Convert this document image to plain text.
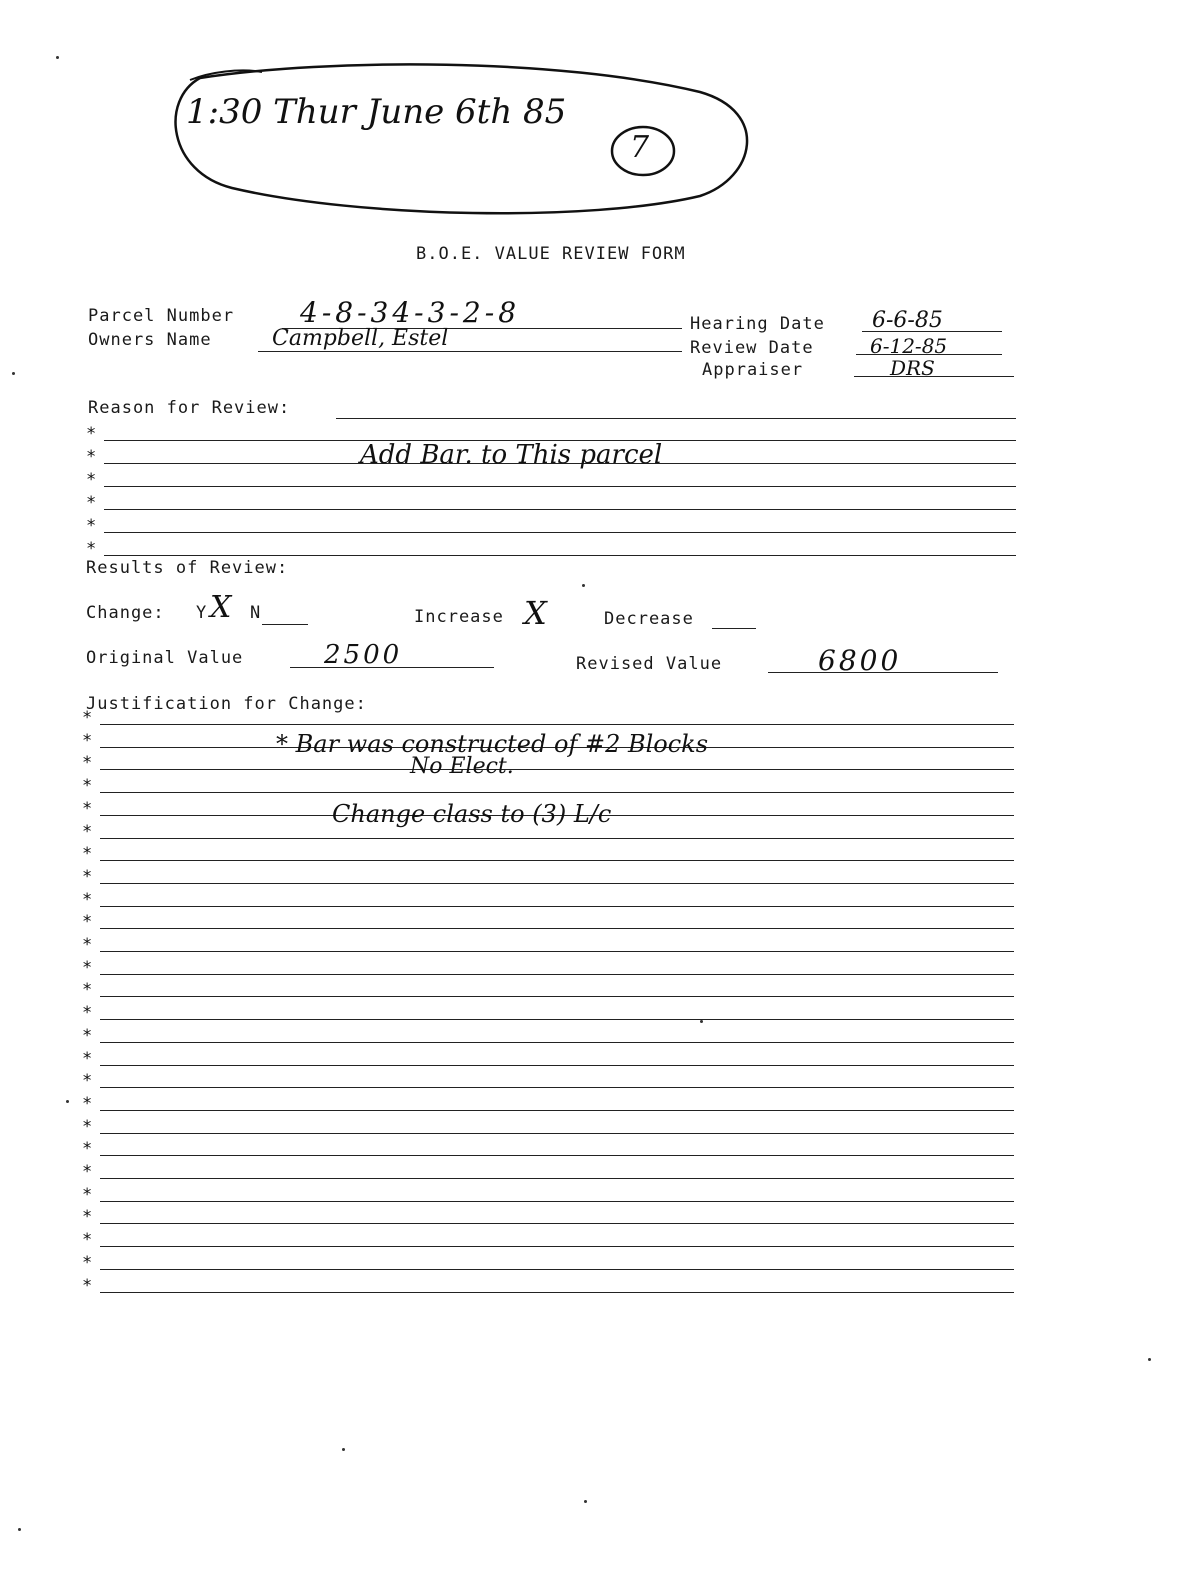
1:30 Thur June 6th 85
7
B.O.E. VALUE REVIEW FORM
Parcel Number 4-8-34-3-2-8
Owners Name	Campbell, Estel
Hearing Date 6-6-85
Review Date	6-12-85
Appraiser	DRS
Reason for Review:
*
*
*
*
*
*
Add Bar. to This parcel
Results of Review:
Change: Y X N	Increase X	Decrease
Original Value	2500	Revised Value	6800
Justification for Change:
*
*
*
*
*
*
*
*
*
*
*
*
*
*
*
*
*
*
*
*
*
*
*
*
*
*
* Bar was constructed of #2 Blocks
No Elect.
Change class to (3) L/c
